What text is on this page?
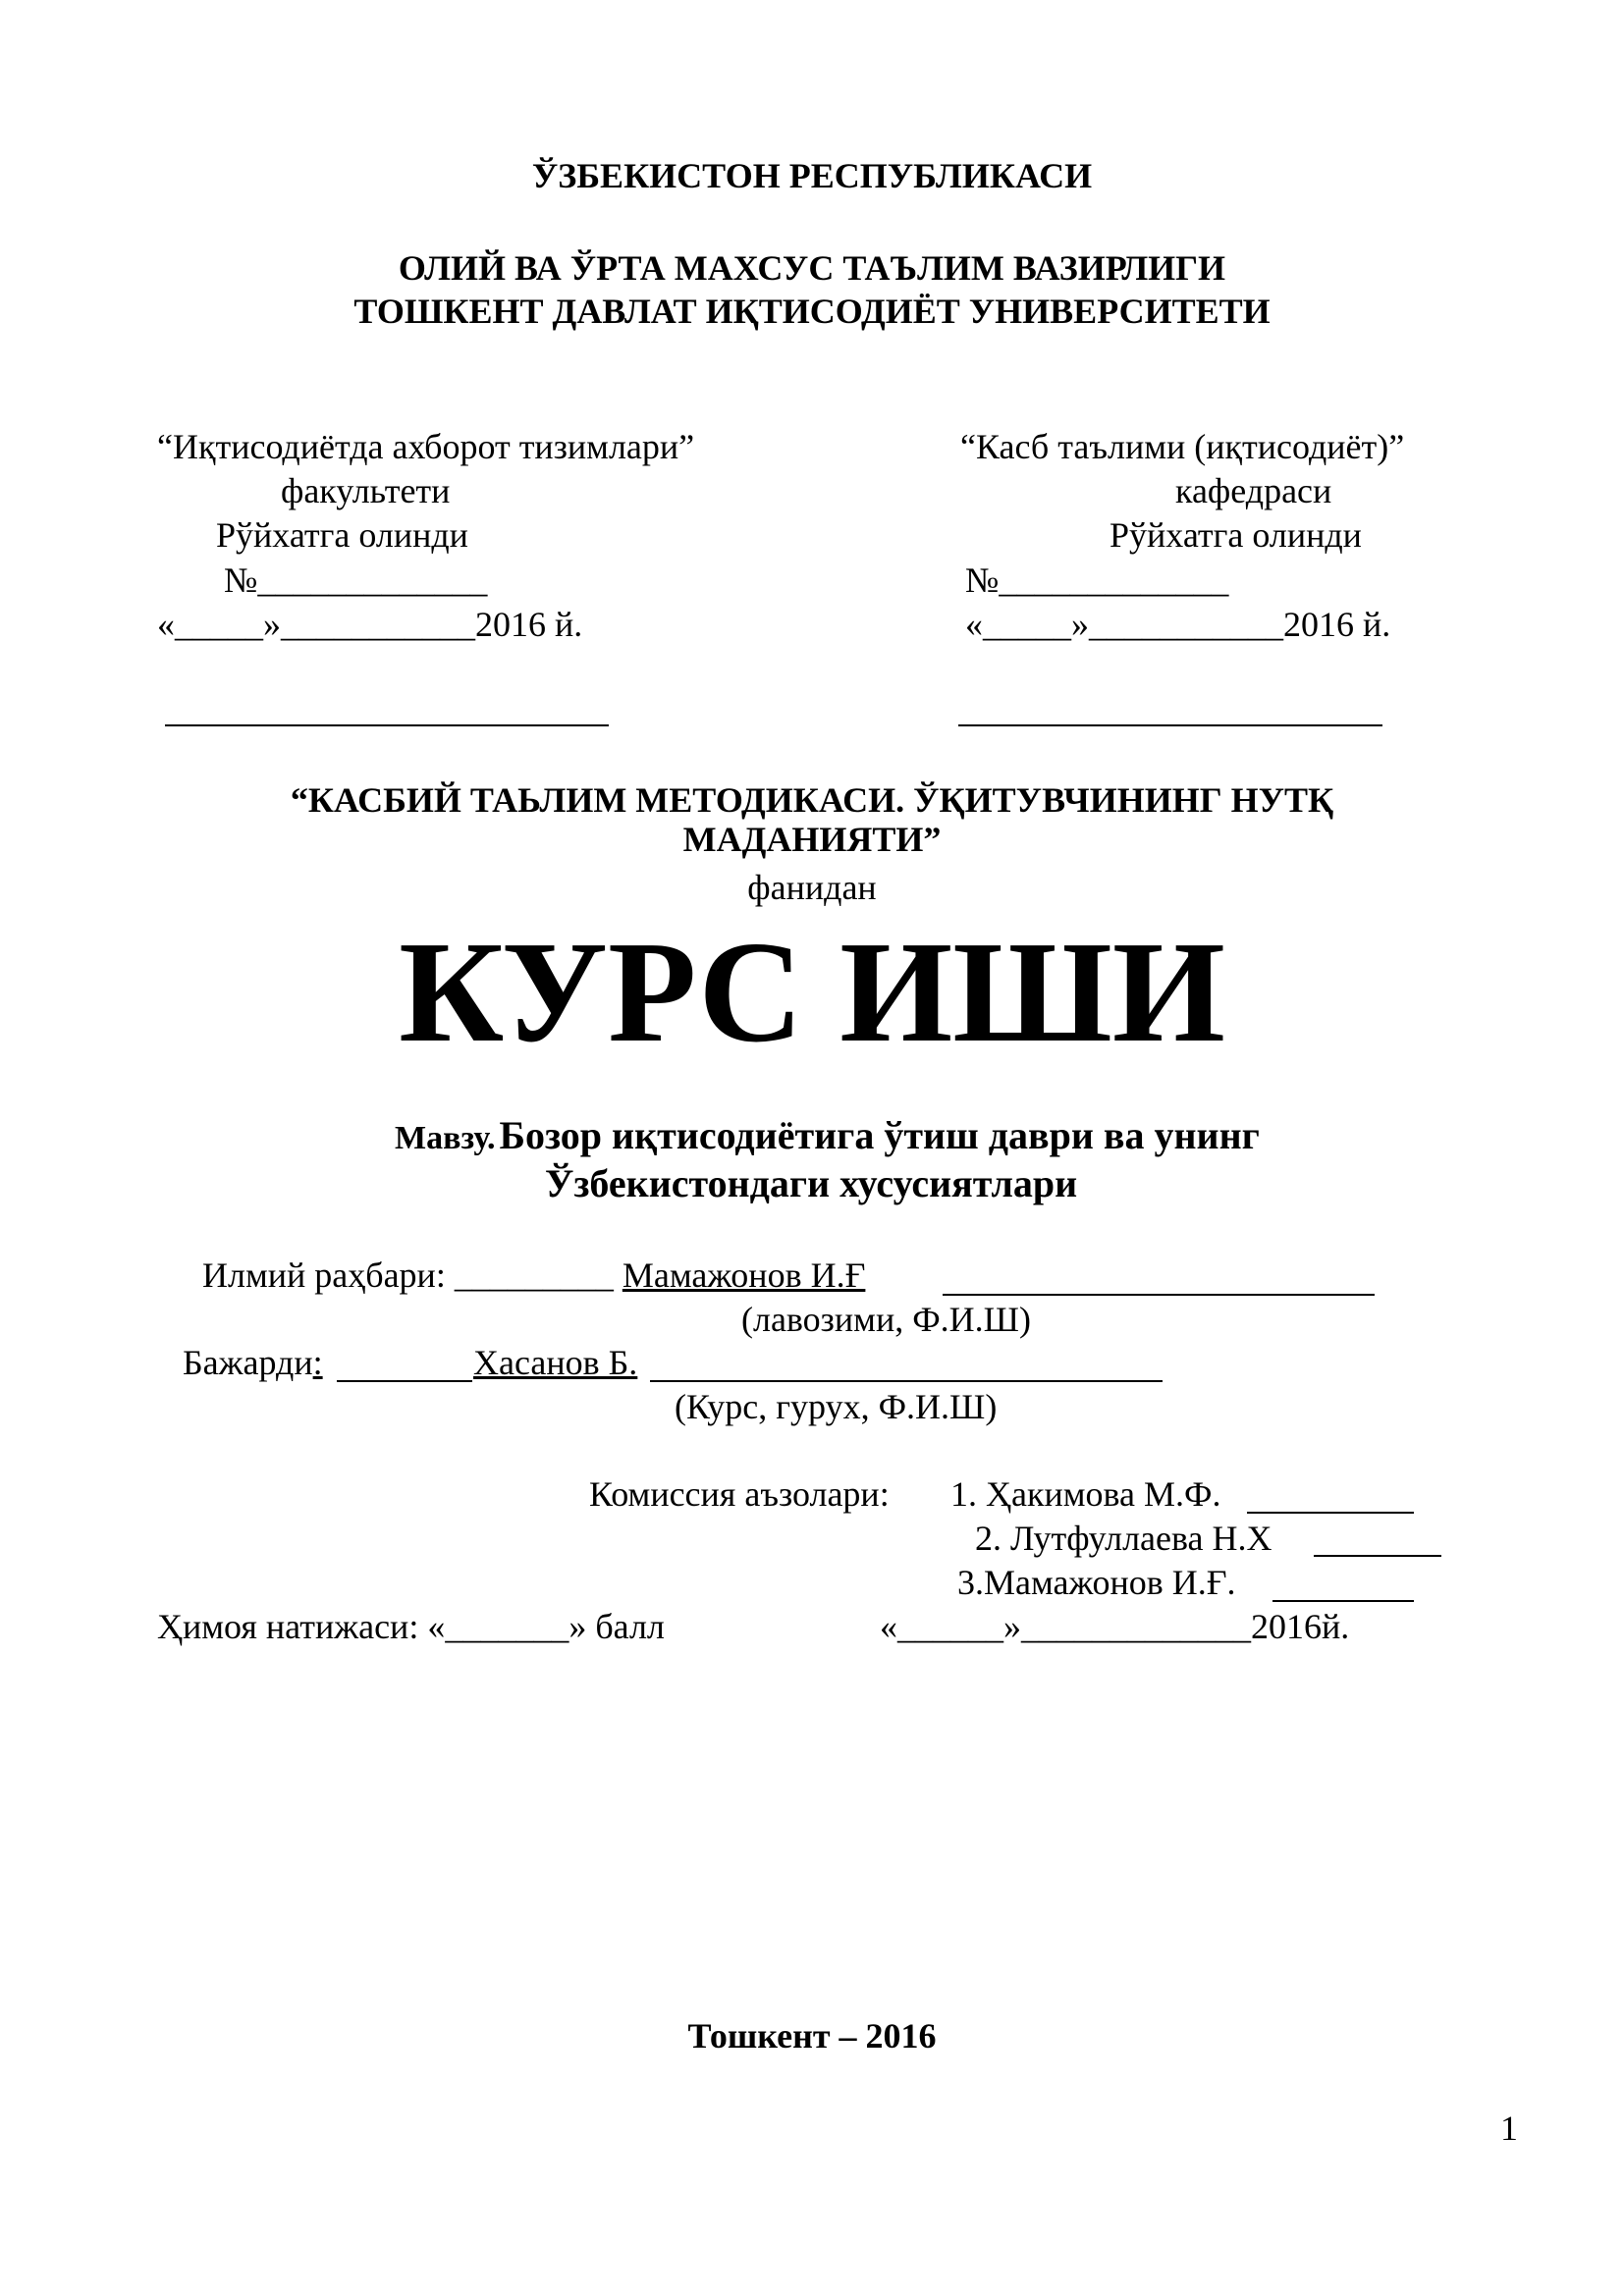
ЎЗБЕКИСТОН РЕСПУБЛИКАСИ
ОЛИЙ ВА ЎРТА МАХСУС ТАЪЛИМ ВАЗИРЛИГИ
ТОШКЕНТ ДАВЛАТ ИҚТИСОДИЁТ УНИВЕРСИТЕТИ
“Иқтисодиётда ахборот тизимлари”
факультети
Рўйхатга олинди
№_____________
«_____»___________2016 й.
“Касб таълими (иқтисодиёт)”
кафедраси
Рўйхатга олинди
№_____________
«_____»___________2016 й.
“КАСБИЙ ТАЬЛИМ МЕТОДИКАСИ. ЎҚИТУВЧИНИНГ НУТҚ
МАДАНИЯТИ”
фанидан
КУРС ИШИ
Мавзу. Бозор иқтисодиётига ўтиш даври ва унинг
Ўзбекистондаги хусусиятлари
Илмий раҳбари: _________ Мамажонов И.Ғ
(лавозими, Ф.И.Ш)
Бажарди:	Хасанов Б.
(Курс, гурух, Ф.И.Ш)
Комиссия аъзолари: 1. Ҳакимова М.Ф.
2. Лутфуллаева Н.Х
3.Мамажонов И.Ғ.
Ҳимоя натижаси: «_______» балл	«______»_____________2016й.
Тошкент – 2016
1
